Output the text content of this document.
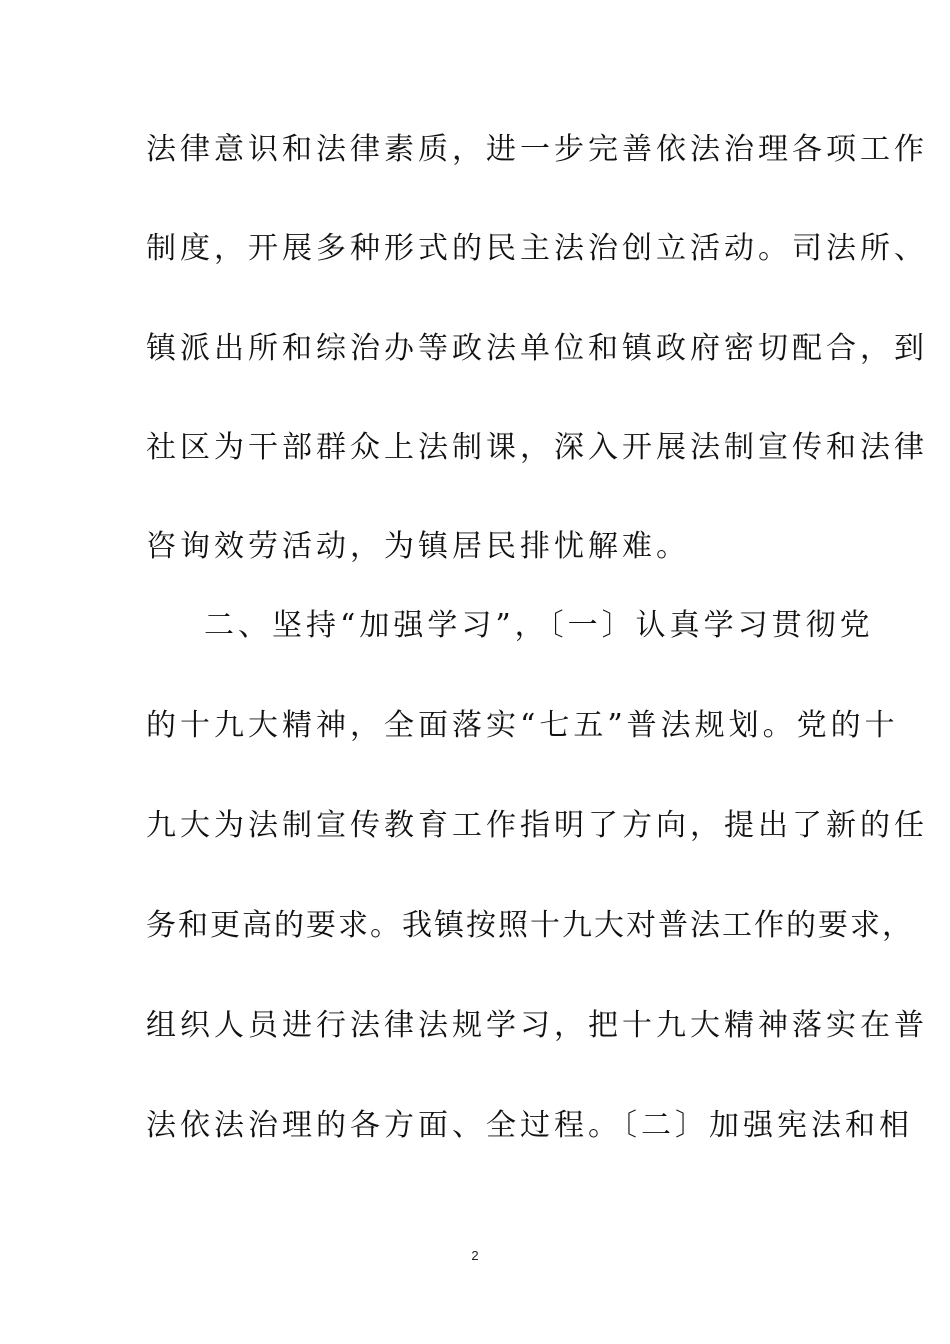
法律意识和法律素质，进一步完善依法治理各项工作
制度，开展多种形式的民主法治创立活动。司法所、
镇派出所和综治办等政法单位和镇政府密切配合，到
社区为干部群众上法制课，深入开展法制宣传和法律
咨询效劳活动，为镇居民排忧解难。
二、坚持“加强学习”，〔一〕认真学习贯彻党
的十九大精神，全面落实“七五”普法规划。党的十
九大为法制宣传教育工作指明了方向，提出了新的任
务和更高的要求。我镇按照十九大对普法工作的要求，
组织人员进行法律法规学习，把十九大精神落实在普
法依法治理的各方面、全过程。〔二〕加强宪法和相
2
